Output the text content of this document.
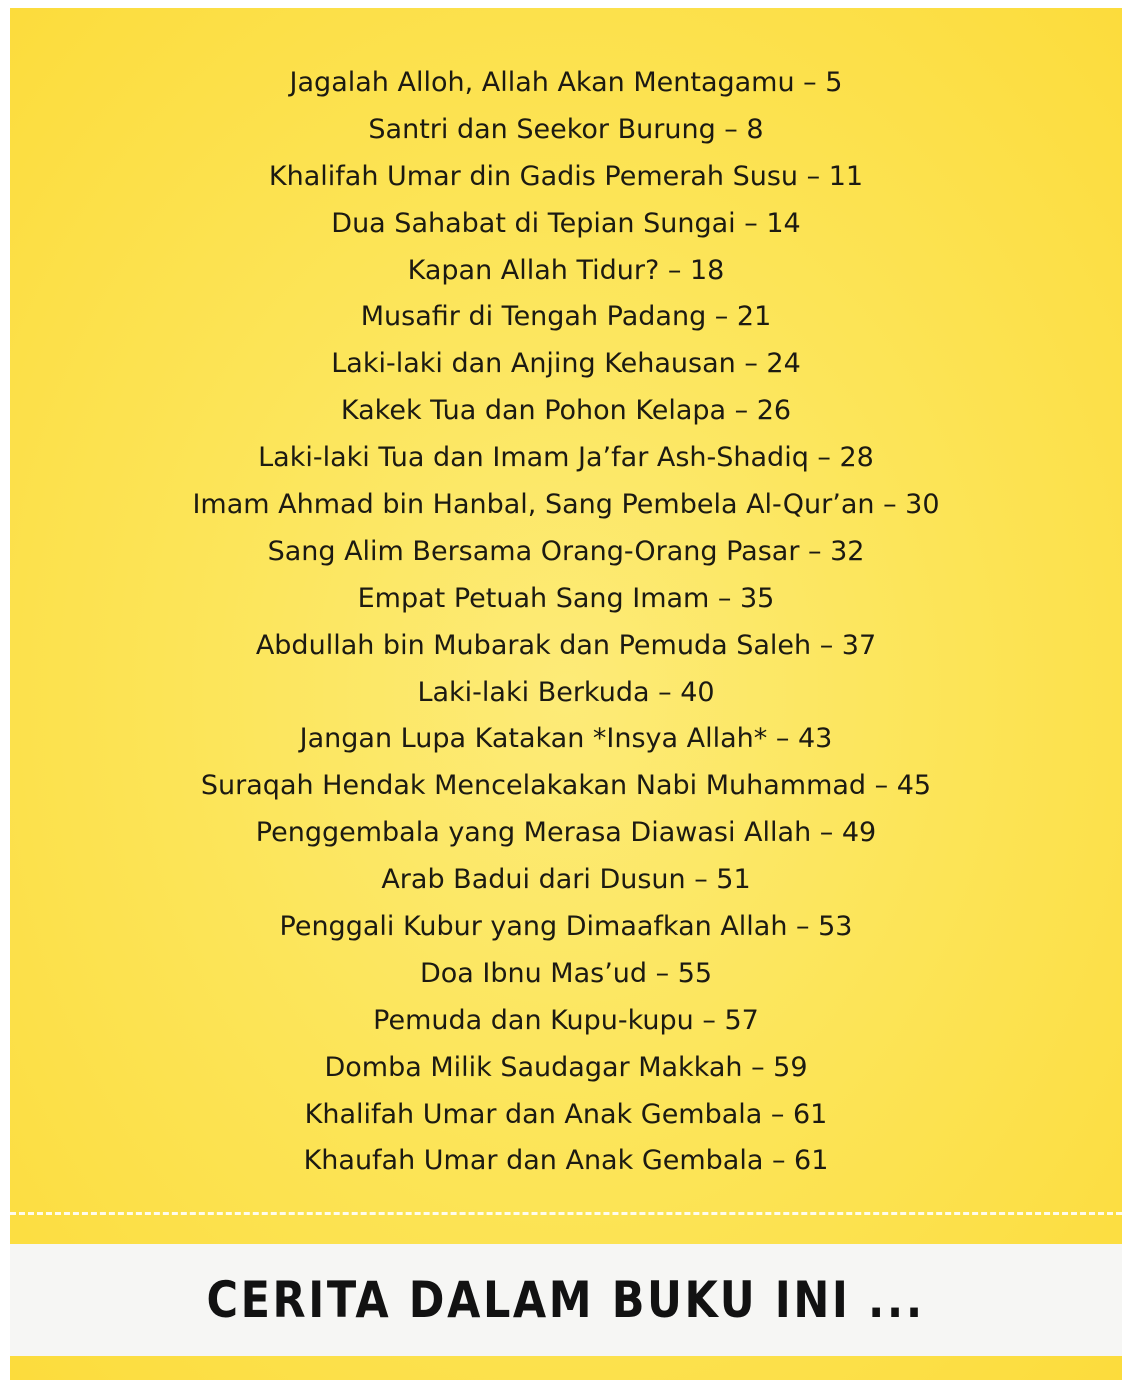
Jagalah Alloh, Allah Akan Mentagamu – 5
Santri dan Seekor Burung – 8
Khalifah Umar din Gadis Pemerah Susu – 11
Dua Sahabat di Tepian Sungai – 14
Kapan Allah Tidur? – 18
Musafir di Tengah Padang – 21
Laki-laki dan Anjing Kehausan – 24
Kakek Tua dan Pohon Kelapa – 26
Laki-laki Tua dan Imam Ja’far Ash-Shadiq – 28
Imam Ahmad bin Hanbal, Sang Pembela Al-Qur’an – 30
Sang Alim Bersama Orang-Orang Pasar – 32
Empat Petuah Sang Imam – 35
Abdullah bin Mubarak dan Pemuda Saleh – 37
Laki-laki Berkuda – 40
Jangan Lupa Katakan *Insya Allah* – 43
Suraqah Hendak Mencelakakan Nabi Muhammad – 45
Penggembala yang Merasa Diawasi Allah – 49
Arab Badui dari Dusun – 51
Penggali Kubur yang Dimaafkan Allah – 53
Doa Ibnu Mas’ud – 55
Pemuda dan Kupu-kupu – 57
Domba Milik Saudagar Makkah – 59
Khalifah Umar dan Anak Gembala – 61
Khaufah Umar dan Anak Gembala – 61
CERITA DALAM BUKU INI ...
